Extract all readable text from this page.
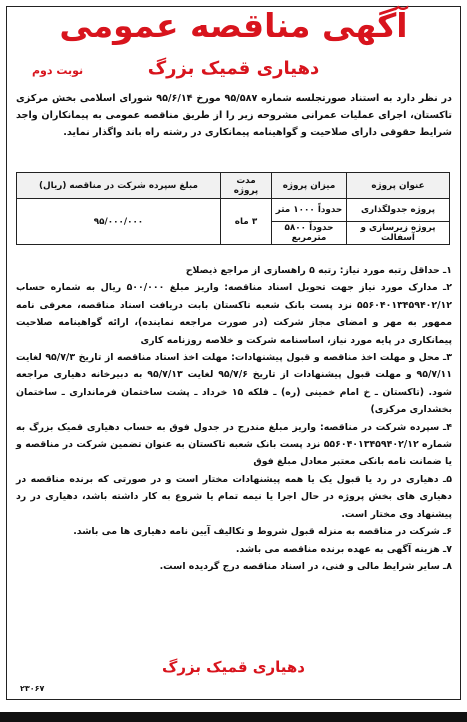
آگهی مناقصه عمومی
دهیاری قمیک بزرگ
نوبت دوم
در نظر دارد به استناد صورتجلسه شماره ۹۵/۵۸۷ مورخ ۹۵/۶/۱۴ شورای اسلامی بخش مرکزی تاکستان، اجرای عملیات عمرانی مشروحه زیر را از طریق مناقصه عمومی به پیمانکاران واجد شرایط حقوقی دارای صلاحیت و گواهینامه پیمانکاری در رشته راه باند واگذار نماید.
عنوان پروژه	میزان پروژه	مدت پروژه	مبلغ سپرده شرکت در مناقصه (ریال)
پروژه جدولگذاری	حدوداً ۱۰۰۰ متر	۳ ماه	۹۵/۰۰۰/۰۰۰
پروژه زیرسازی و آسفالت	حدوداً ۵۸۰۰ مترمربع		

۱ـ حداقل رتبه مورد نیاز: رتبه ۵ راهسازی از مراجع ذیصلاح

۲ـ مدارک مورد نیاز جهت تحویل اسناد مناقصه: واریز مبلغ ۵۰۰/۰۰۰ ریال به شماره حساب ۵۵۶۰۴۰۱۳۴۵۹۴۰۲/۱۲ نزد پست بانک شعبه تاکستان بابت دریافت اسناد مناقصه، معرفی نامه ممهور به مهر و امضای مجاز شرکت (در صورت مراجعه نماینده)، ارائه گواهینامه صلاحیت پیمانکاری در پایه مورد نیاز، اساسنامه شرکت و خلاصه روزنامه کاری

۳ـ محل و مهلت اخذ مناقصه و قبول پیشنهادات: مهلت اخذ اسناد مناقصه از تاریخ ۹۵/۷/۳ لغایت ۹۵/۷/۱۱ و مهلت قبول پیشنهادات از تاریخ ۹۵/۷/۶ لغایت ۹۵/۷/۱۳ به دبیرخانه دهیاری مراجعه شود. (تاکستان ـ خ امام خمینی (ره) ـ فلکه ۱۵ خرداد ـ پشت ساختمان فرمانداری ـ ساختمان بخشداری مرکزی)

۴ـ سپرده شرکت در مناقصه: واریز مبلغ مندرج در جدول فوق به حساب دهیاری قمیک بزرگ به شماره ۵۵۶۰۴۰۱۳۴۵۹۴۰۲/۱۲ نزد پست بانک شعبه تاکستان به عنوان تضمین شرکت در مناقصه و یا ضمانت نامه بانکی معتبر معادل مبلغ فوق

۵ـ دهیاری در رد یا قبول یک یا همه پیشنهادات مختار است و در صورتی که برنده مناقصه در دهیاری های بخش پروژه در حال اجرا یا نیمه تمام یا شروع به کار داشته باشد، دهیاری در رد پیشنهاد وی مختار است.

۶ـ شرکت در مناقصه به منزله قبول شروط و تکالیف آیین نامه دهیاری ها می باشد.

۷ـ هزینه آگهی به عهده برنده مناقصه می باشد.

۸ـ سایر شرایط مالی و فنی، در اسناد مناقصه درج گردیده است.

دهیاری قمیک بزرگ
۲۳۰۶۷
